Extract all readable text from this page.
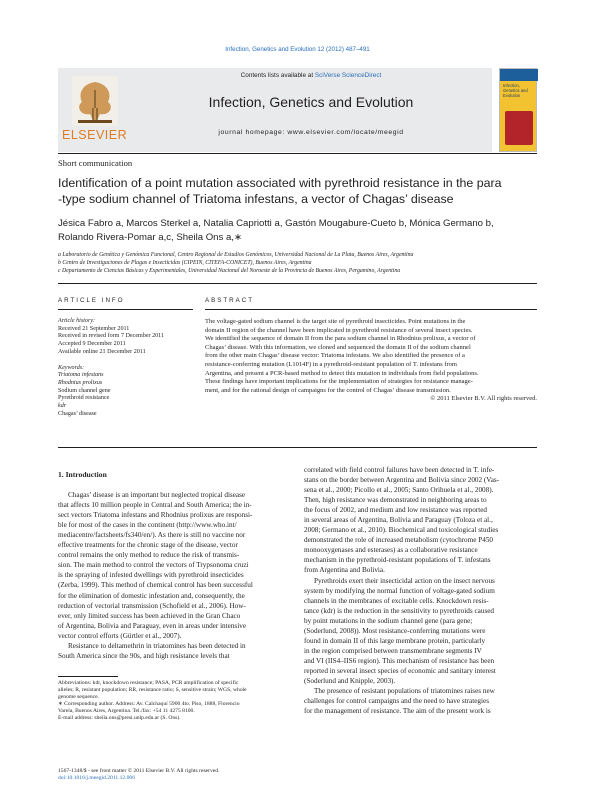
Infection, Genetics and Evolution 12 (2012) 487–491
ELSEVIER
Contents lists available at SciVerse ScienceDirect
Infection, Genetics and Evolution
journal homepage: www.elsevier.com/locate/meegid
Infection, Genetics and Evolution
Short communication
Identification of a point mutation associated with pyrethroid resistance in the para
-type sodium channel of Triatoma infestans, a vector of Chagas’ disease
Jésica Fabro a, Marcos Sterkel a, Natalia Capriotti a, Gastón Mougabure-Cueto b, Mónica Germano b,
Rolando Rivera-Pomar a,c, Sheila Ons a,∗
a Laboratorio de Genética y Genómica Funcional, Centro Regional de Estudios Genómicos, Universidad Nacional de La Plata, Buenos Aires, Argentina
b Centro de Investigaciones de Plagas e Insecticidas (CIPEIN, CITEFA-CONICET), Buenos Aires, Argentina
c Departamento de Ciencias Básicas y Experimentales, Universidad Nacional del Noroeste de la Provincia de Buenos Aires, Pergamino, Argentina
ARTICLE INFO	ABSTRACT
Article history:
Received 21 September 2011
Received in revised form 7 December 2011
Accepted 9 December 2011
Available online 21 December 2011
Keywords:
Triatoma infestans
Rhodnius prolixus
Sodium channel gene
Pyrethroid resistance
kdr
Chagas’ disease
The voltage-gated sodium channel is the target site of pyrethroid insecticides. Point mutations in the
domain II region of the channel have been implicated in pyrethroid resistance of several insect species.
We identified the sequence of domain II from the para sodium channel in Rhodnius prolixus, a vector of
Chagas’ disease. With this information, we cloned and sequenced the domain II of the sodium channel
from the other main Chagas’ disease vector: Triatoma infestans. We also identified the presence of a
resistance-conferring mutation (L1014F) in a pyrethroid-resistant population of T. infestans from
Argentina, and present a PCR-based method to detect this mutation in individuals from field populations.
These findings have important implications for the implementation of strategies for resistance manage-
ment, and for the rational design of campaigns for the control of Chagas’ disease transmission.
© 2011 Elsevier B.V. All rights reserved.
1. Introduction
Chagas’ disease is an important but neglected tropical disease
that affects 10 million people in Central and South America; the in-
sect vectors Triatoma infestans and Rhodnius prolixus are responsi-
ble for most of the cases in the continent (http://www.who.int/
mediacentre/factsheets/fs340/en/). As there is still no vaccine nor
effective treatments for the chronic stage of the disease, vector
control remains the only method to reduce the risk of transmis-
sion. The main method to control the vectors of Trypsonoma cruzi
is the spraying of infested dwellings with pyrethroid insecticides
(Zerba, 1999). This method of chemical control has been successful
for the elimination of domestic infestation and, consequently, the
reduction of vectorial transmission (Schofield et al., 2006). How-
ever, only limited success has been achieved in the Gran Chaco
of Argentina, Bolivia and Paraguay, even in areas under intensive
vector control efforts (Gürtler et al., 2007).
Resistance to deltamethrin in triatomines has been detected in
South America since the 90s, and high resistance levels that
Abbreviations: kdr, knockdown resistance; PASA, PCR amplification of specific
alleles; R, resistant population; RR, resistance ratio; S, sensitive strain; WGS, whole
genome sequence.
∗ Corresponding author. Address: Av. Calchaquí 5900 4to. Piso, 1888, Florencio
Varela, Buenos Aires, Argentina. Tel./fax: +54 11 4275 8100.
E-mail address: sheila.ons@presi.unlp.edu.ar (S. Ons).
correlated with field control failures have been detected in T. infe-
stans on the border between Argentina and Bolivia since 2002 (Vas-
sena et al., 2000; Picollo et al., 2005; Santo Orihuela et al., 2008).
Then, high resistance was demonstrated in neighboring areas to
the focus of 2002, and medium and low resistance was reported
in several areas of Argentina, Bolivia and Paraguay (Toloza et al.,
2008; Germano et al., 2010). Biochemical and toxicological studies
demonstrated the role of increased metabolism (cytochrome P450
monooxygenases and esterases) as a collaborative resistance
mechanism in the pyrethroid-resistant populations of T. infestans
from Argentina and Bolivia.
Pyrethroids exert their insecticidal action on the insect nervous
system by modifying the normal function of voltage-gated sodium
channels in the membranes of excitable cells. Knockdown resis-
tance (kdr) is the reduction in the sensitivity to pyrethroids caused
by point mutations in the sodium channel gene (para gene;
(Soderlund, 2008)). Most resistance-conferring mutations were
found in domain II of this large membrane protein, particularly
in the region comprised between transmembrane segments IV
and VI (IIS4–IIS6 region). This mechanism of resistance has been
reported in several insect species of economic and sanitary interest
(Soderlund and Knipple, 2003).
The presence of resistant populations of triatomines raises new
challenges for control campaigns and the need to have strategies
for the management of resistance. The aim of the present work is
1567-1348/$ - see front matter © 2011 Elsevier B.V. All rights reserved.
doi:10.1016/j.meegid.2011.12.006
